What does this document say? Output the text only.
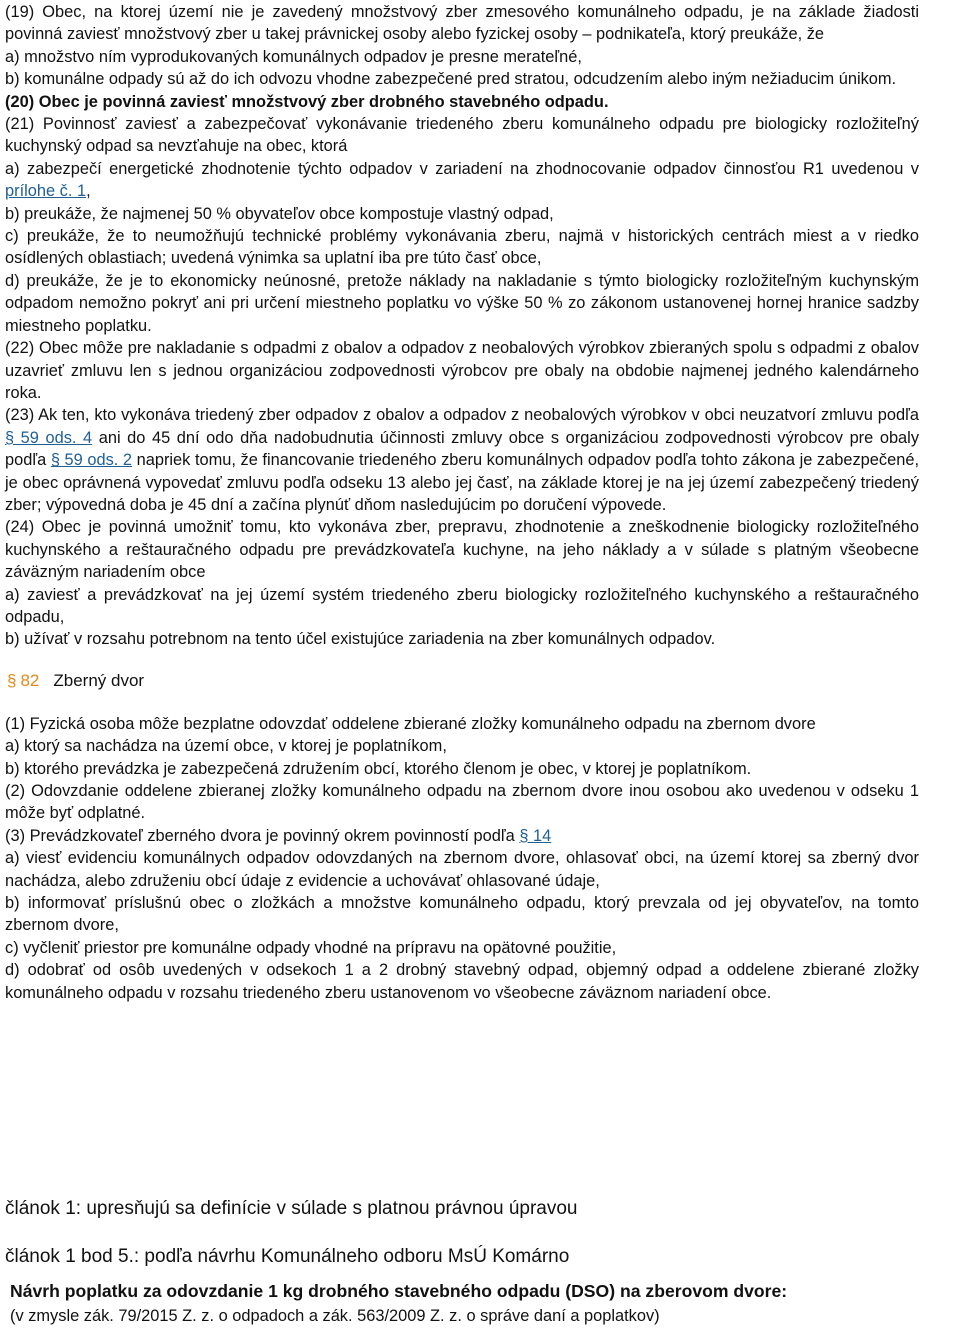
(19) Obec, na ktorej území nie je zavedený množstvový zber zmesového komunálneho odpadu, je na základe žiadosti povinná zaviesť množstvový zber u takej právnickej osoby alebo fyzickej osoby – podnikateľa, ktorý preukáže, že

a) množstvo ním vyprodukovaných komunálnych odpadov je presne merateľné,

b) komunálne odpady sú až do ich odvozu vhodne zabezpečené pred stratou, odcudzením alebo iným nežiaducim únikom.

(20) Obec je povinná zaviesť množstvový zber drobného stavebného odpadu.

(21) Povinnosť zaviesť a zabezpečovať vykonávanie triedeného zberu komunálneho odpadu pre biologicky rozložiteľný kuchynský odpad sa nevzťahuje na obec, ktorá

a) zabezpečí energetické zhodnotenie týchto odpadov v zariadení na zhodnocovanie odpadov činnosťou R1 uvedenou v prílohe č. 1,

b) preukáže, že najmenej 50 % obyvateľov obce kompostuje vlastný odpad,

c) preukáže, že to neumožňujú technické problémy vykonávania zberu, najmä v historických centrách miest a v riedko osídlených oblastiach; uvedená výnimka sa uplatní iba pre túto časť obce,

d) preukáže, že je to ekonomicky neúnosné, pretože náklady na nakladanie s týmto biologicky rozložiteľným kuchynským odpadom nemožno pokryť ani pri určení miestneho poplatku vo výške 50 % zo zákonom ustanovenej hornej hranice sadzby miestneho poplatku.

(22) Obec môže pre nakladanie s odpadmi z obalov a odpadov z neobalových výrobkov zbieraných spolu s odpadmi z obalov uzavrieť zmluvu len s jednou organizáciou zodpovednosti výrobcov pre obaly na obdobie najmenej jedného kalendárneho roka.

(23) Ak ten, kto vykonáva triedený zber odpadov z obalov a odpadov z neobalových výrobkov v obci neuzatvorí zmluvu podľa § 59 ods. 4 ani do 45 dní odo dňa nadobudnutia účinnosti zmluvy obce s organizáciou zodpovednosti výrobcov pre obaly podľa § 59 ods. 2 napriek tomu, že financovanie triedeného zberu komunálnych odpadov podľa tohto zákona je zabezpečené, je obec oprávnená vypovedať zmluvu podľa odseku 13 alebo jej časť, na základe ktorej je na jej území zabezpečený triedený zber; výpovedná doba je 45 dní a začína plynúť dňom nasledujúcim po doručení výpovede.

(24) Obec je povinná umožniť tomu, kto vykonáva zber, prepravu, zhodnotenie a zneškodnenie biologicky rozložiteľného kuchynského a reštauračného odpadu pre prevádzkovateľa kuchyne, na jeho náklady a v súlade s platným všeobecne záväzným nariadením obce

a) zaviesť a prevádzkovať na jej území systém triedeného zberu biologicky rozložiteľného kuchynského a reštauračného odpadu,

b) užívať v rozsahu potrebnom na tento účel existujúce zariadenia na zber komunálnych odpadov.

§ 82 Zberný dvor

(1) Fyzická osoba môže bezplatne odovzdať oddelene zbierané zložky komunálneho odpadu na zbernom dvore

a) ktorý sa nachádza na území obce, v ktorej je poplatníkom,

b) ktorého prevádzka je zabezpečená združením obcí, ktorého členom je obec, v ktorej je poplatníkom.

(2) Odovzdanie oddelene zbieranej zložky komunálneho odpadu na zbernom dvore inou osobou ako uvedenou v odseku 1 môže byť odplatné.

(3) Prevádzkovateľ zberného dvora je povinný okrem povinností podľa § 14

a) viesť evidenciu komunálnych odpadov odovzdaných na zbernom dvore, ohlasovať obci, na území ktorej sa zberný dvor nachádza, alebo združeniu obcí údaje z evidencie a uchovávať ohlasované údaje,

b) informovať príslušnú obec o zložkách a množstve komunálneho odpadu, ktorý prevzala od jej obyvateľov, na tomto zbernom dvore,

c) vyčleniť priestor pre komunálne odpady vhodné na prípravu na opätovné použitie,

d) odobrať od osôb uvedených v odsekoch 1 a 2 drobný stavebný odpad, objemný odpad a oddelene zbierané zložky komunálneho odpadu v rozsahu triedeného zberu ustanovenom vo všeobecne záväznom nariadení obce.

článok 1: upresňujú sa definície v súlade s platnou právnou úpravou

článok 1 bod 5.: podľa návrhu Komunálneho odboru MsÚ Komárno

Návrh poplatku za odovzdanie 1 kg drobného stavebného odpadu (DSO) na zberovom dvore:

(v zmysle zák. 79/2015 Z. z. o odpadoch a zák. 563/2009 Z. z. o správe daní a poplatkov)
